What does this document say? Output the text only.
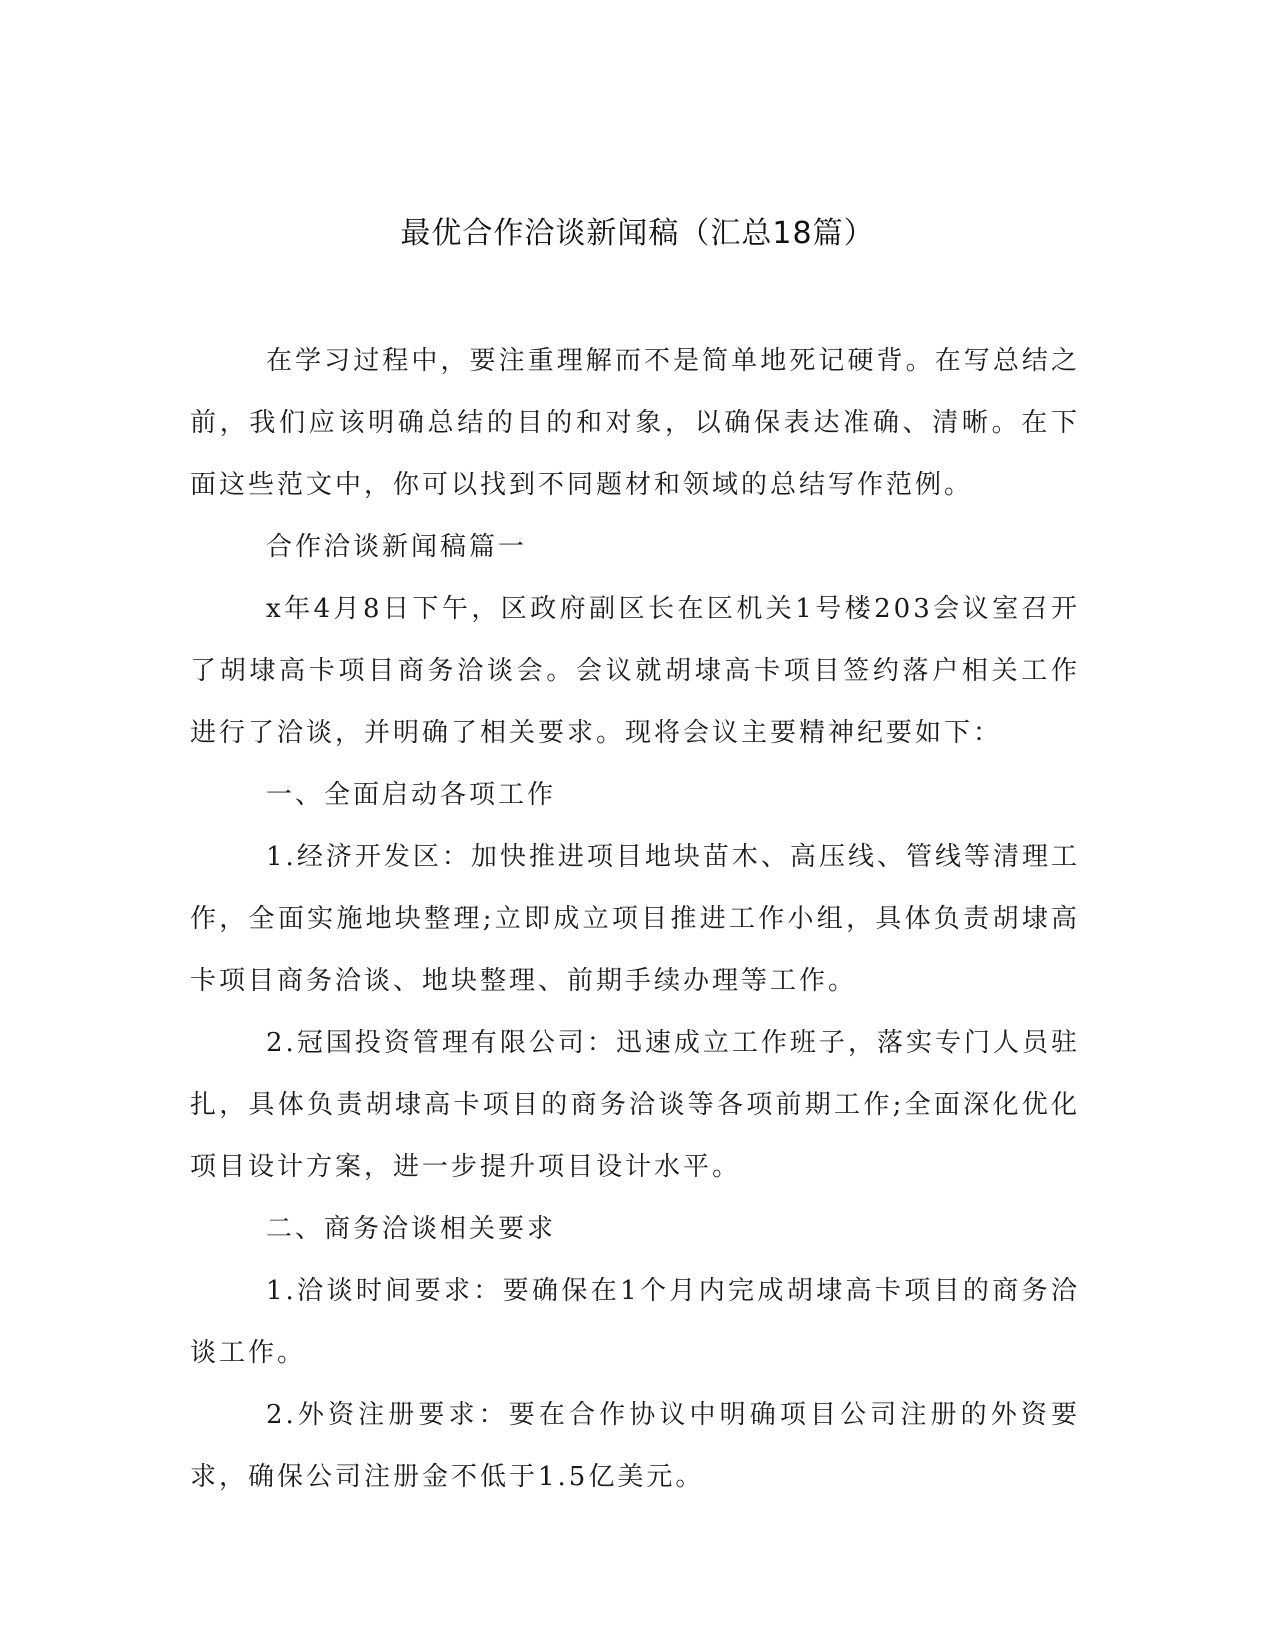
最优合作洽谈新闻稿（汇总18篇）

在学习过程中，要注重理解而不是简单地死记硬背。在写总结之前，我们应该明确总结的目的和对象，以确保表达准确、清晰。在下面这些范文中，你可以找到不同题材和领域的总结写作范例。

合作洽谈新闻稿篇一

x年4月8日下午，区政府副区长在区机关1号楼203会议室召开了胡埭高卡项目商务洽谈会。会议就胡埭高卡项目签约落户相关工作进行了洽谈，并明确了相关要求。现将会议主要精神纪要如下：

一、全面启动各项工作

1.经济开发区：加快推进项目地块苗木、高压线、管线等清理工作，全面实施地块整理;立即成立项目推进工作小组，具体负责胡埭高卡项目商务洽谈、地块整理、前期手续办理等工作。

2.冠国投资管理有限公司：迅速成立工作班子，落实专门人员驻扎，具体负责胡埭高卡项目的商务洽谈等各项前期工作;全面深化优化项目设计方案，进一步提升项目设计水平。

二、商务洽谈相关要求

1.洽谈时间要求：要确保在1个月内完成胡埭高卡项目的商务洽谈工作。

2.外资注册要求：要在合作协议中明确项目公司注册的外资要求，确保公司注册金不低于1.5亿美元。
